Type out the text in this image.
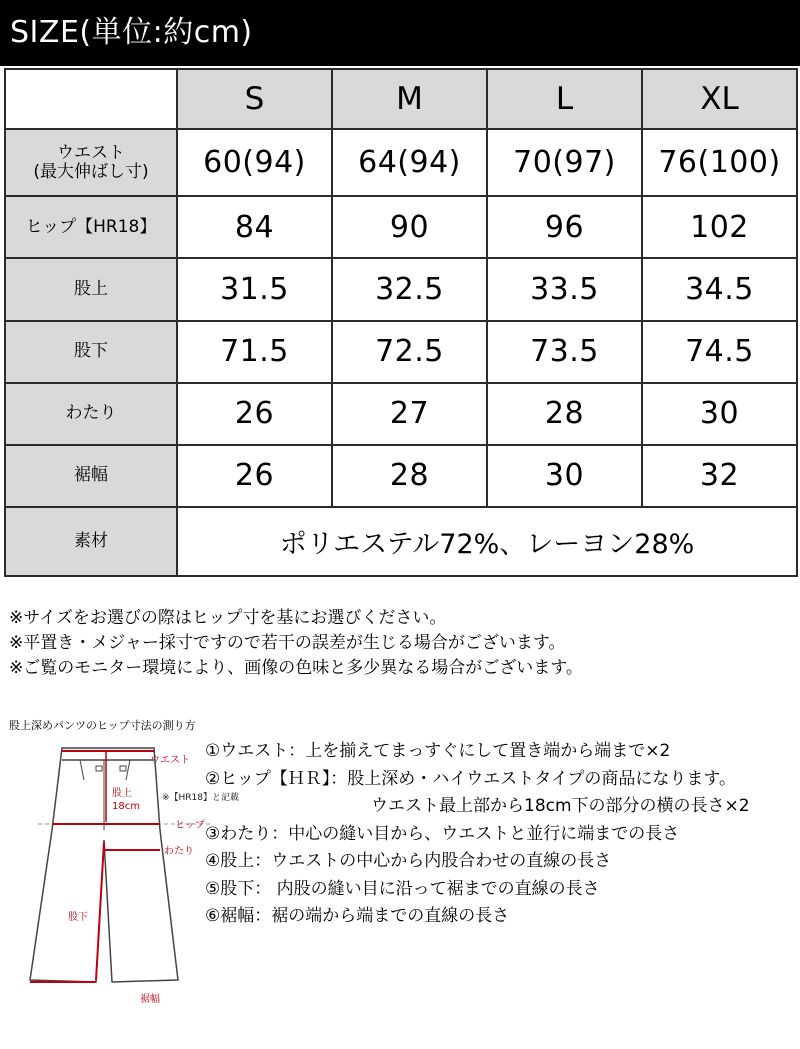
SIZE(単位:約cm)
	S	M	L	XL

ウエスト
(最大伸ばし寸)	60(94)	64(94)	70(97)	76(100)
ヒップ【HR18】	84	90	96	102
股上	31.5	32.5	33.5	34.5
股下	71.5	72.5	73.5	74.5
わたり	26	27	28	30
裾幅	26	28	30	32
素材	ポリエステル72%、レーヨン28%			
※サイズをお選びの際はヒップ寸を基にお選びください。
※平置き・メジャー採寸ですので若干の誤差が生じる場合がございます。
※ご覧のモニター環境により、画像の色味と多少異なる場合がございます。
股上深めパンツのヒップ寸法の測り方
ウエスト
股上
18cm
※【HR18】と記載
ヒップ
わたり
股下
裾幅
①ウエスト：上を揃えてまっすぐにして置き端から端まで×2
②ヒップ【ＨＲ】：股上深め・ハイウエストタイプの商品になります。
ウエスト最上部から18cm下の部分の横の長さ×2
③わたり：中心の縫い目から、ウエストと並行に端までの長さ
④股上：ウエストの中心から内股合わせの直線の長さ
⑤股下： 内股の縫い目に沿って裾までの直線の長さ
⑥裾幅：裾の端から端までの直線の長さ
